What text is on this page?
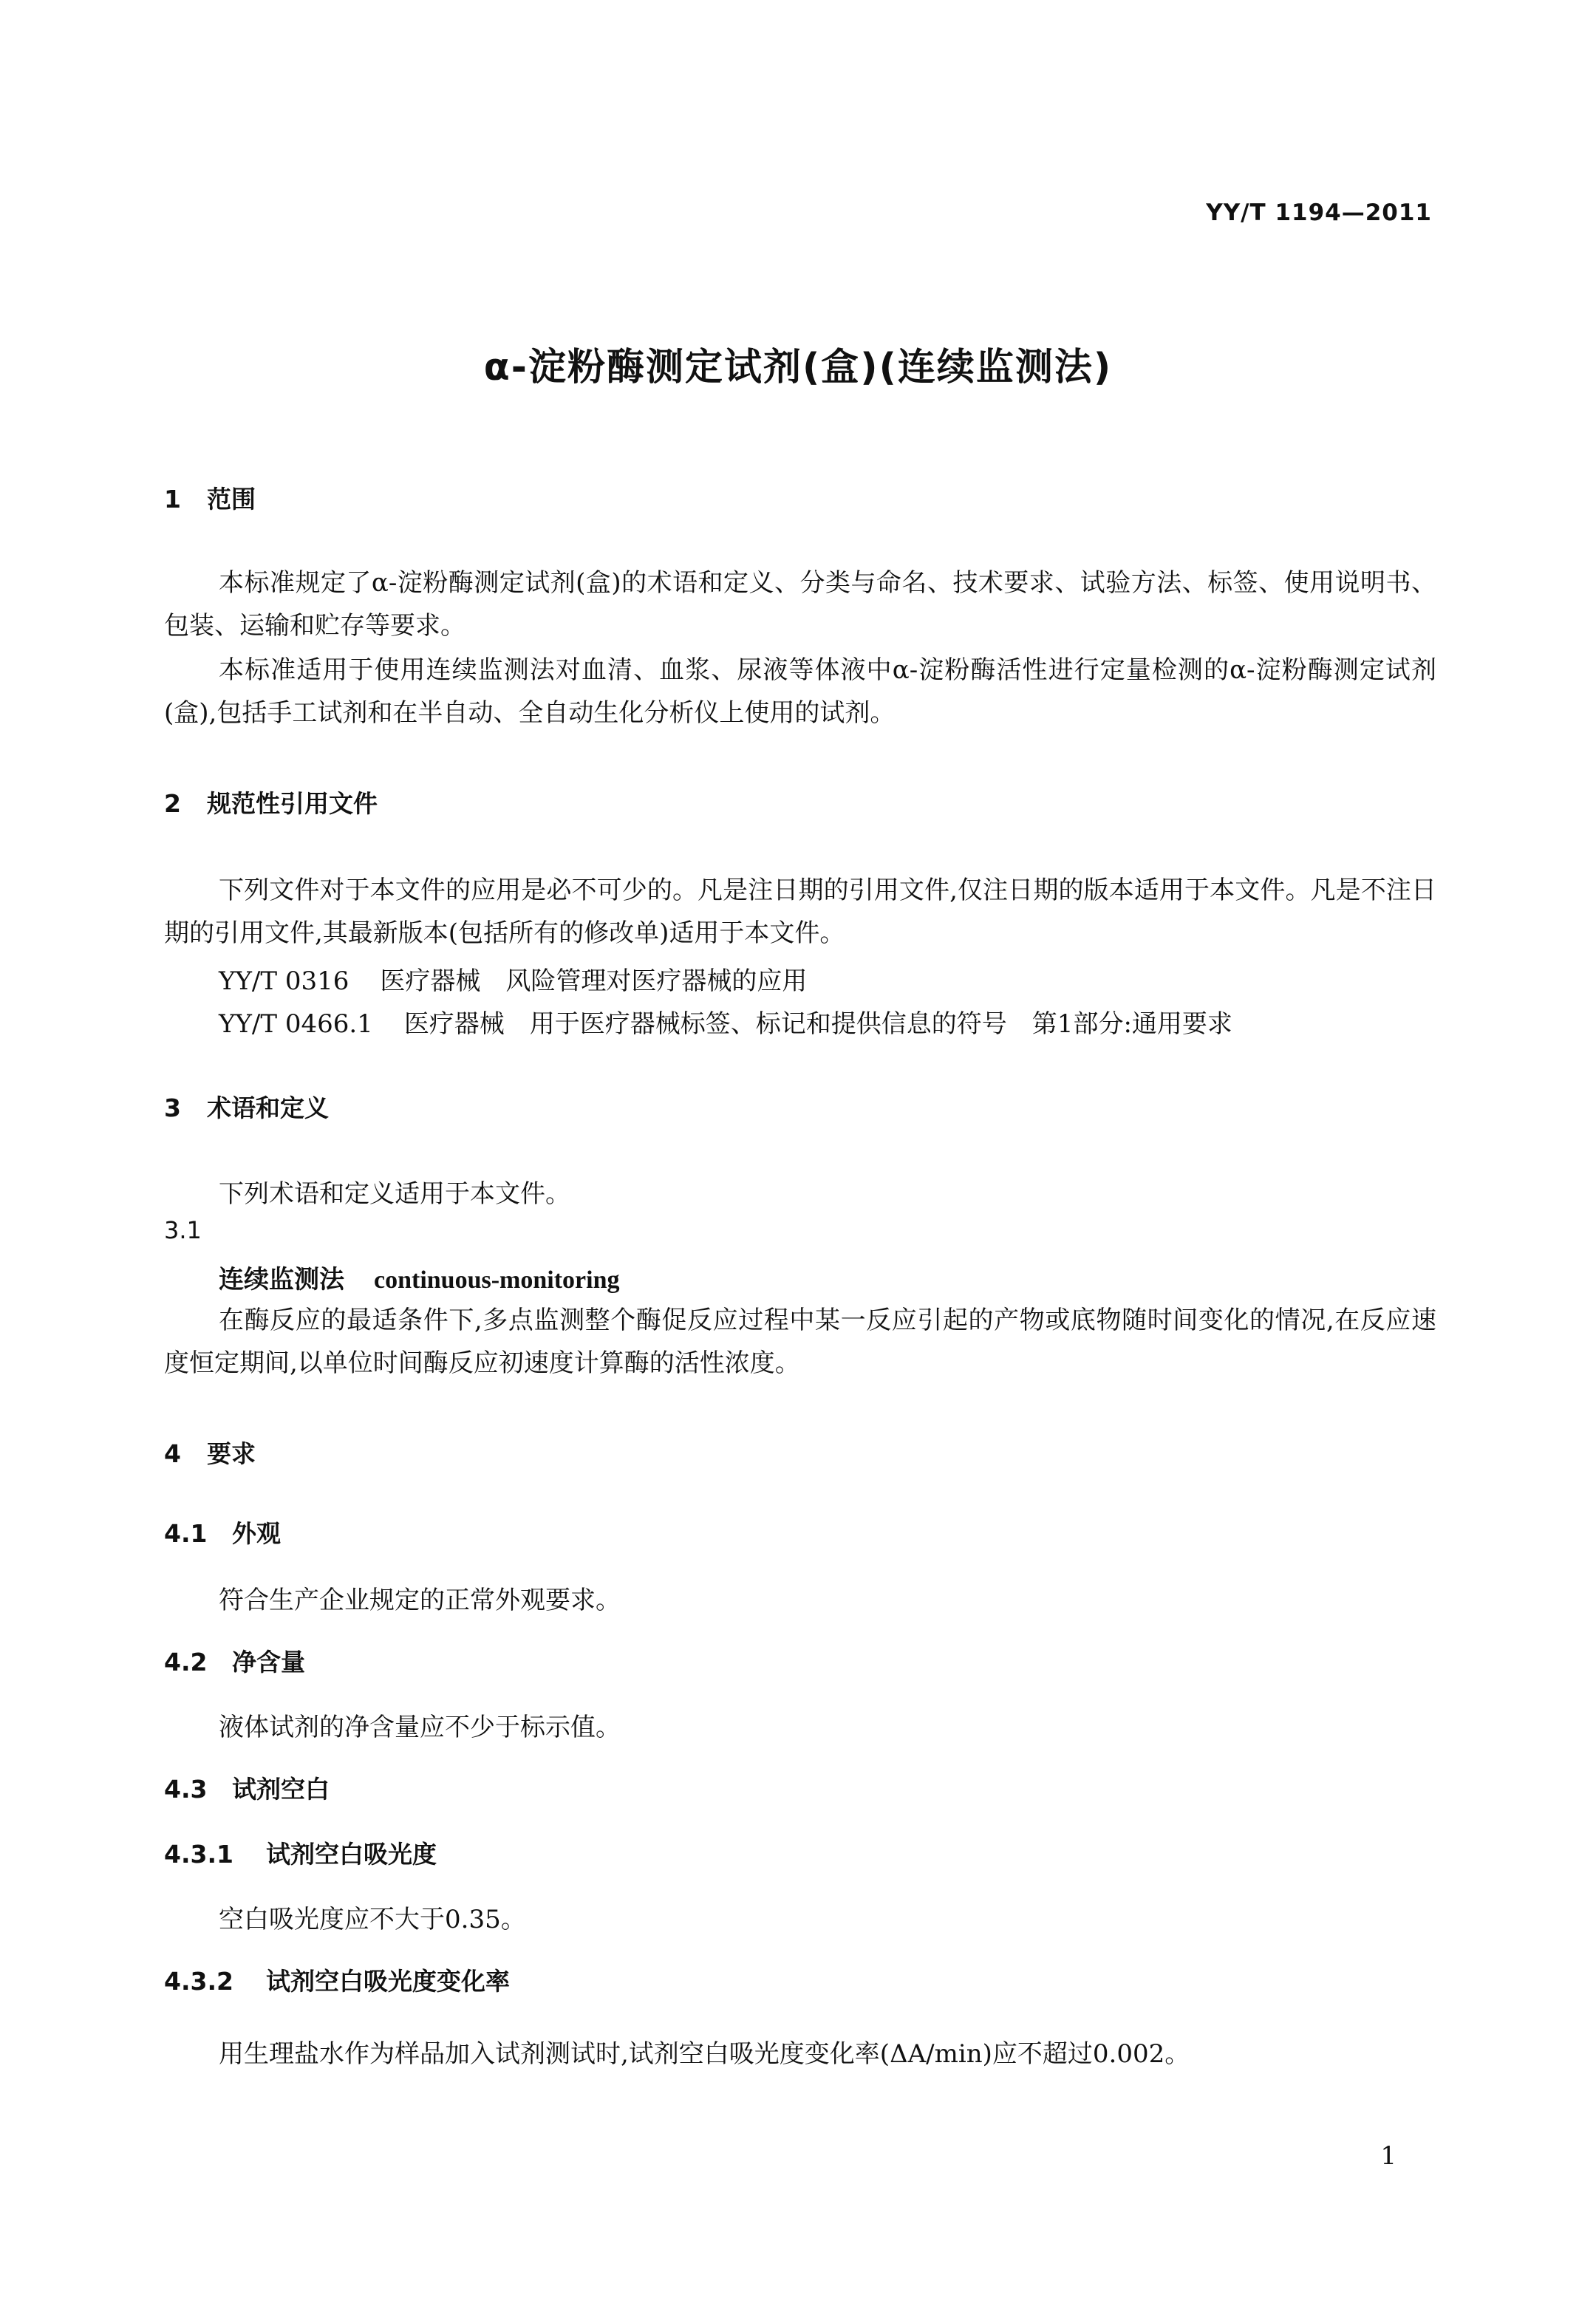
YY/T 1194—2011
α-淀粉酶测定试剂(盒)(连续监测法)
1 范围

本标准规定了α-淀粉酶测定试剂(盒)的术语和定义、分类与命名、技术要求、试验方法、标签、使用说明书、包装、运输和贮存等要求。

本标准适用于使用连续监测法对血清、血浆、尿液等体液中α-淀粉酶活性进行定量检测的α-淀粉酶测定试剂(盒),包括手工试剂和在半自动、全自动生化分析仪上使用的试剂。

2 规范性引用文件

下列文件对于本文件的应用是必不可少的。凡是注日期的引用文件,仅注日期的版本适用于本文件。凡是不注日期的引用文件,其最新版本(包括所有的修改单)适用于本文件。

YY/T 0316 医疗器械　风险管理对医疗器械的应用
YY/T 0466.1 医疗器械　用于医疗器械标签、标记和提供信息的符号　第1部分:通用要求
3 术语和定义
下列术语和定义适用于本文件。
3.1
连续监测法 continuous-monitoring

在酶反应的最适条件下,多点监测整个酶促反应过程中某一反应引起的产物或底物随时间变化的情况,在反应速度恒定期间,以单位时间酶反应初速度计算酶的活性浓度。

4 要求
4.1 外观
符合生产企业规定的正常外观要求。
4.2 净含量
液体试剂的净含量应不少于标示值。
4.3 试剂空白
4.3.1 试剂空白吸光度
空白吸光度应不大于0.35。
4.3.2 试剂空白吸光度变化率
用生理盐水作为样品加入试剂测试时,试剂空白吸光度变化率(ΔA/min)应不超过0.002。
1
